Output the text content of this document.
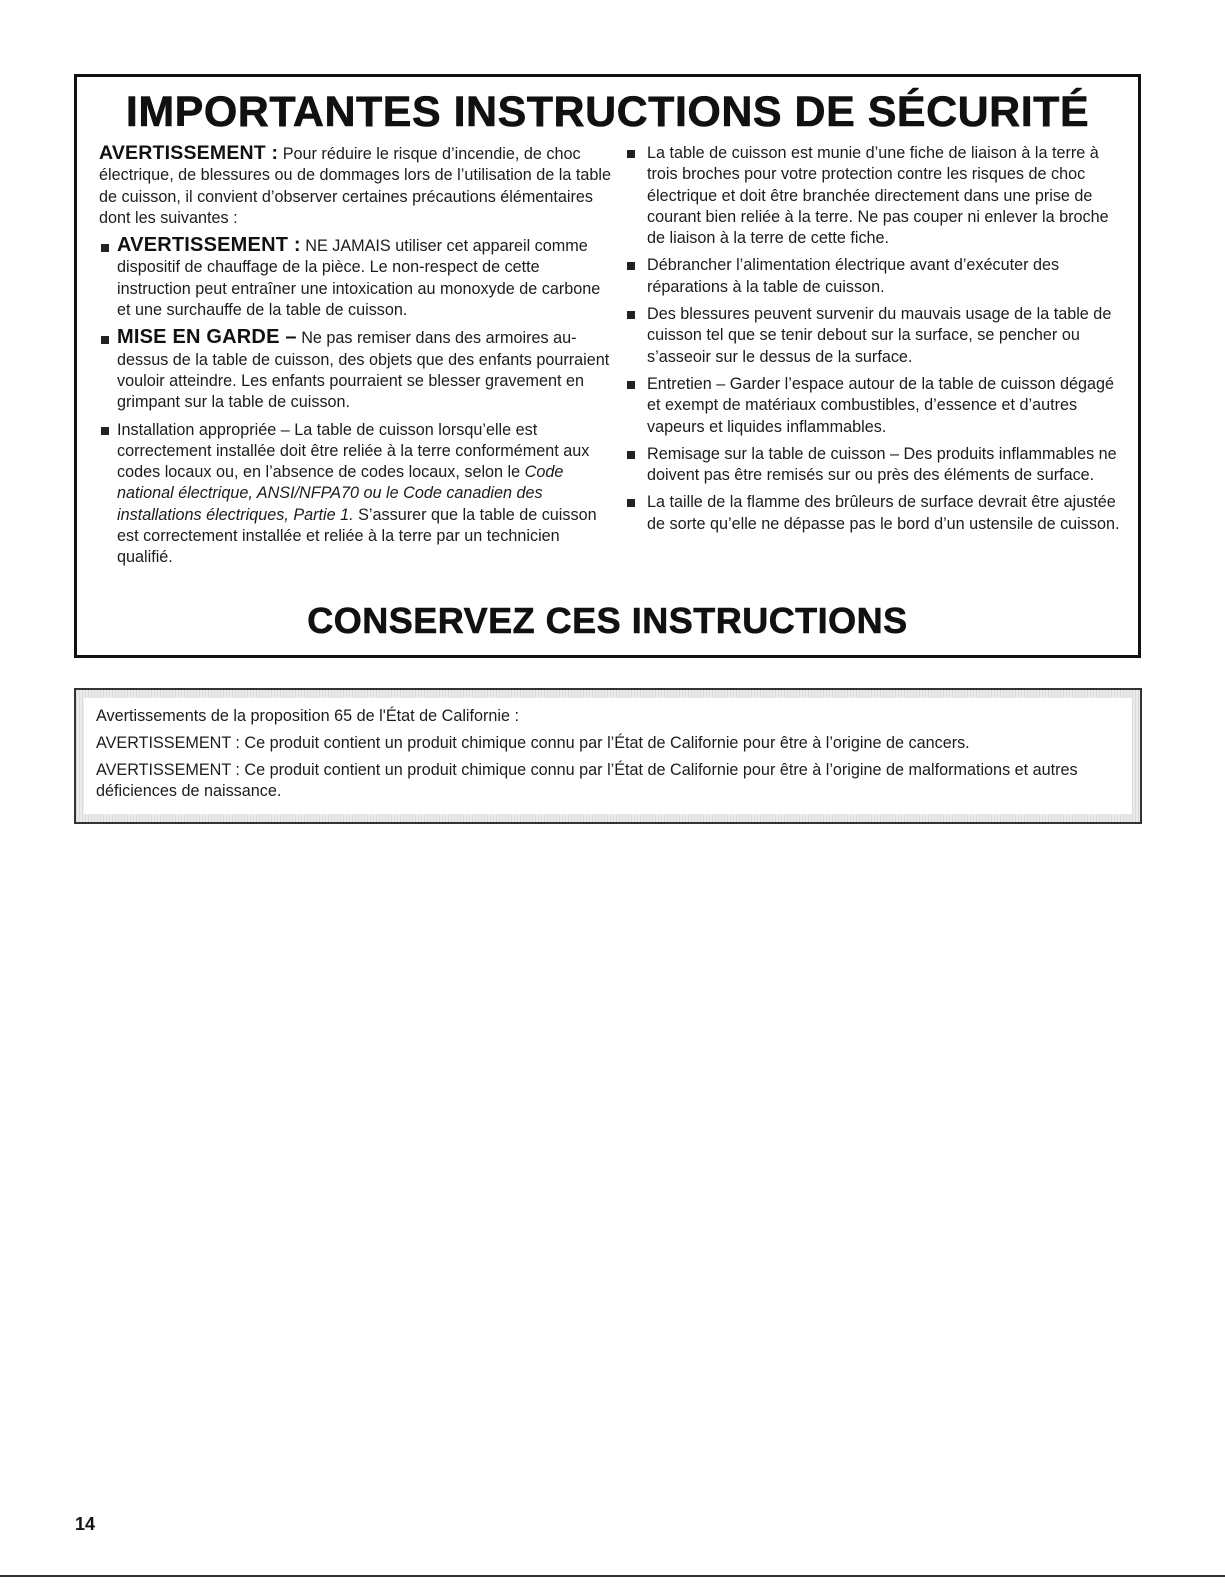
IMPORTANTES INSTRUCTIONS DE SÉCURITÉ
AVERTISSEMENT : Pour réduire le risque d’incendie, de choc électrique, de blessures ou de dommages lors de l’utilisation de la table de cuisson, il convient d’observer certaines précautions élémentaires dont les suivantes :
AVERTISSEMENT : NE JAMAIS utiliser cet appareil comme dispositif de chauffage de la pièce. Le non-respect de cette instruction peut entraîner une intoxication au monoxyde de carbone et une surchauffe de la table de cuisson.
MISE EN GARDE – Ne pas remiser dans des armoires au-dessus de la table de cuisson, des objets que des enfants pourraient vouloir atteindre. Les enfants pourraient se blesser gravement en grimpant sur la table de cuisson.
Installation appropriée – La table de cuisson lorsqu’elle est correctement installée doit être reliée à la terre conformément aux codes locaux ou, en l’absence de codes locaux, selon le Code national électrique, ANSI/NFPA70 ou le Code canadien des installations électriques, Partie 1. S’assurer que la table de cuisson est correctement installée et reliée à la terre par un technicien qualifié.
La table de cuisson est munie d’une fiche de liaison à la terre à trois broches pour votre protection contre les risques de choc électrique et doit être branchée directement dans une prise de courant bien reliée à la terre. Ne pas couper ni enlever la broche de liaison à la terre de cette fiche.
Débrancher l’alimentation électrique avant d’exécuter des réparations à la table de cuisson.
Des blessures peuvent survenir du mauvais usage de la table de cuisson tel que se tenir debout sur la surface, se pencher ou s’asseoir sur le dessus de la surface.
Entretien – Garder l’espace autour de la table de cuisson dégagé et exempt de matériaux combustibles, d’essence et d’autres vapeurs et liquides inflammables.
Remisage sur la table de cuisson – Des produits inflammables ne doivent pas être remisés sur ou près des éléments de surface.
La taille de la flamme des brûleurs de surface devrait être ajustée de sorte qu’elle ne dépasse pas le bord d’un ustensile de cuisson.
CONSERVEZ CES INSTRUCTIONS

Avertissements de la proposition 65 de l'État de Californie :

AVERTISSEMENT : Ce produit contient un produit chimique connu par l’État de Californie pour être à l’origine de cancers.

AVERTISSEMENT : Ce produit contient un produit chimique connu par l’État de Californie pour être à l’origine de malformations et autres déficiences de naissance.

14
